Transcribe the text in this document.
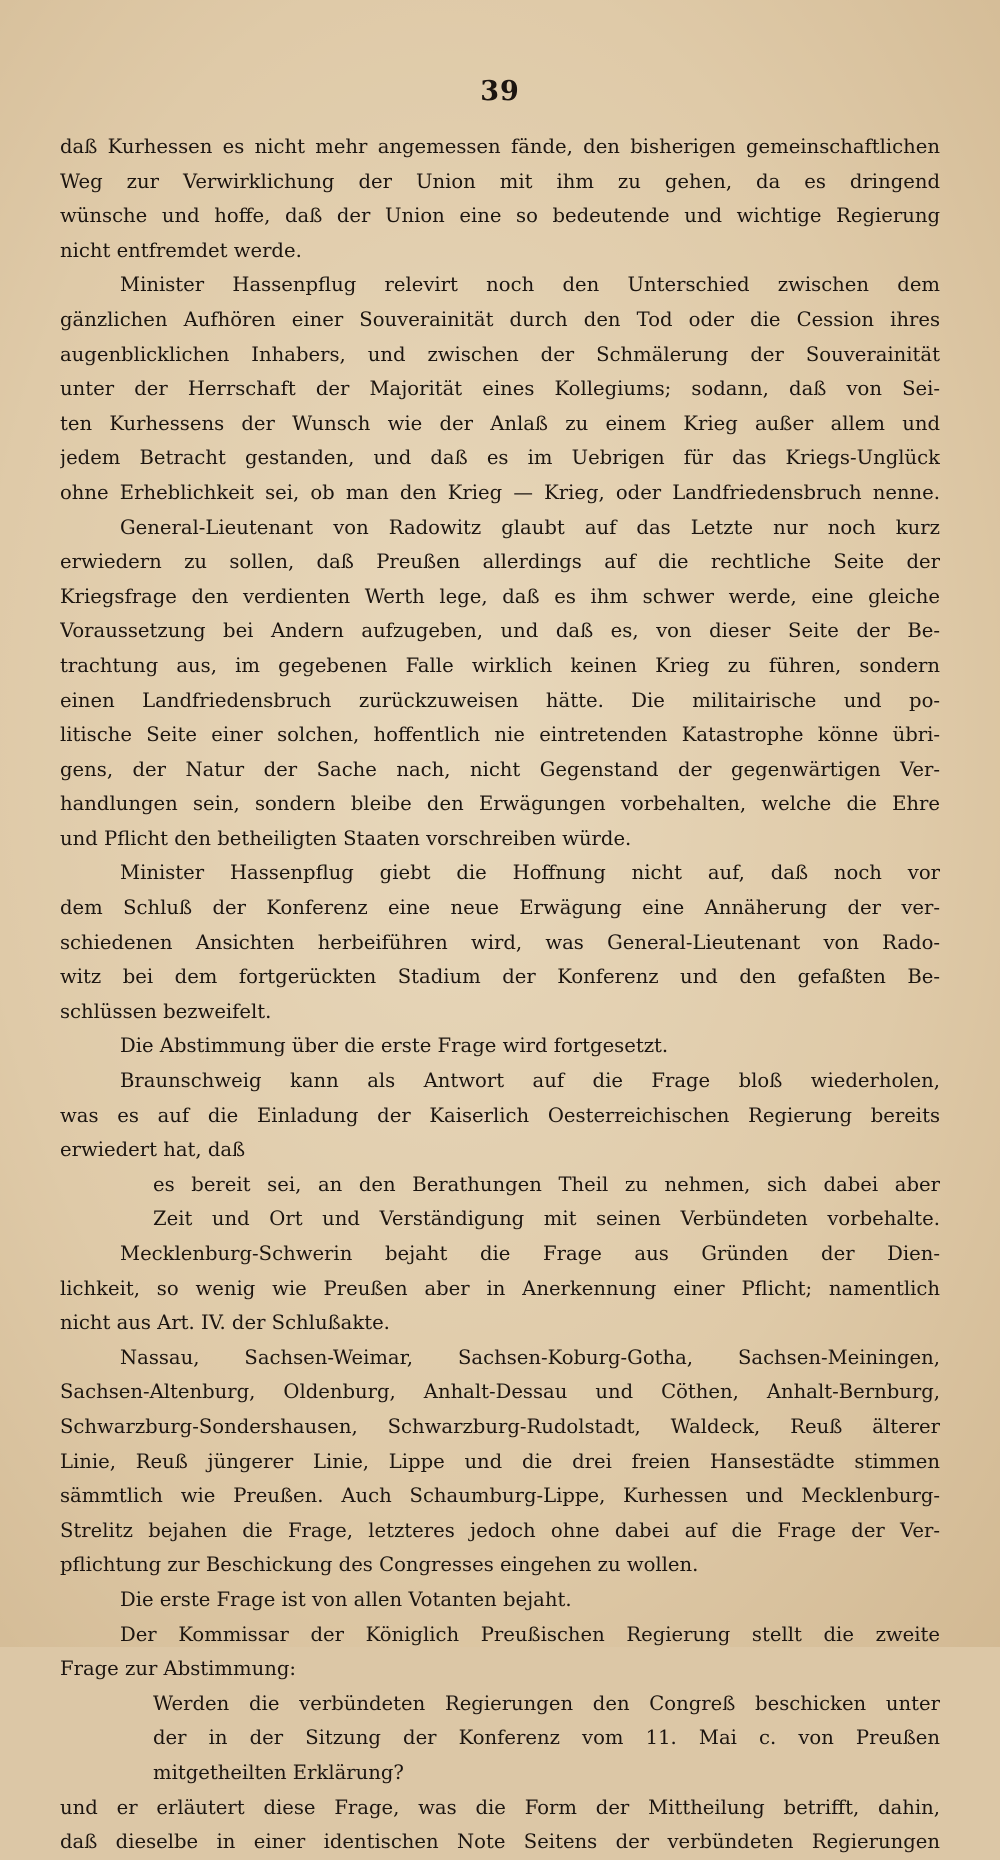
39
daß Kurhessen es nicht mehr angemessen fände, den bisherigen gemeinschaftlichen
Weg zur Verwirklichung der Union mit ihm zu gehen, da es dringend
wünsche und hoffe, daß der Union eine so bedeutende und wichtige Regierung
nicht entfremdet werde.
Minister Hassenpflug relevirt noch den Unterschied zwischen dem
gänzlichen Aufhören einer Souverainität durch den Tod oder die Cession ihres
augenblicklichen Inhabers, und zwischen der Schmälerung der Souverainität
unter der Herrschaft der Majorität eines Kollegiums; sodann, daß von Sei-
ten Kurhessens der Wunsch wie der Anlaß zu einem Krieg außer allem und
jedem Betracht gestanden, und daß es im Uebrigen für das Kriegs-Unglück
ohne Erheblichkeit sei, ob man den Krieg — Krieg, oder Landfriedensbruch nenne.
General-Lieutenant von Radowitz glaubt auf das Letzte nur noch kurz
erwiedern zu sollen, daß Preußen allerdings auf die rechtliche Seite der
Kriegsfrage den verdienten Werth lege, daß es ihm schwer werde, eine gleiche
Voraussetzung bei Andern aufzugeben, und daß es, von dieser Seite der Be-
trachtung aus, im gegebenen Falle wirklich keinen Krieg zu führen, sondern
einen Landfriedensbruch zurückzuweisen hätte. Die militairische und po-
litische Seite einer solchen, hoffentlich nie eintretenden Katastrophe könne übri-
gens, der Natur der Sache nach, nicht Gegenstand der gegenwärtigen Ver-
handlungen sein, sondern bleibe den Erwägungen vorbehalten, welche die Ehre
und Pflicht den betheiligten Staaten vorschreiben würde.
Minister Hassenpflug giebt die Hoffnung nicht auf, daß noch vor
dem Schluß der Konferenz eine neue Erwägung eine Annäherung der ver-
schiedenen Ansichten herbeiführen wird, was General-Lieutenant von Rado-
witz bei dem fortgerückten Stadium der Konferenz und den gefaßten Be-
schlüssen bezweifelt.
Die Abstimmung über die erste Frage wird fortgesetzt.
Braunschweig kann als Antwort auf die Frage bloß wiederholen,
was es auf die Einladung der Kaiserlich Oesterreichischen Regierung bereits
erwiedert hat, daß
es bereit sei, an den Berathungen Theil zu nehmen, sich dabei aber
Zeit und Ort und Verständigung mit seinen Verbündeten vorbehalte.
Mecklenburg-Schwerin bejaht die Frage aus Gründen der Dien-
lichkeit, so wenig wie Preußen aber in Anerkennung einer Pflicht; namentlich
nicht aus Art. IV. der Schlußakte.
Nassau, Sachsen-Weimar, Sachsen-Koburg-Gotha, Sachsen-Meiningen,
Sachsen-Altenburg, Oldenburg, Anhalt-Dessau und Cöthen, Anhalt-Bernburg,
Schwarzburg-Sondershausen, Schwarzburg-Rudolstadt, Waldeck, Reuß älterer
Linie, Reuß jüngerer Linie, Lippe und die drei freien Hansestädte stimmen
sämmtlich wie Preußen. Auch Schaumburg-Lippe, Kurhessen und Mecklenburg-
Strelitz bejahen die Frage, letzteres jedoch ohne dabei auf die Frage der Ver-
pflichtung zur Beschickung des Congresses eingehen zu wollen.
Die erste Frage ist von allen Votanten bejaht.
Der Kommissar der Königlich Preußischen Regierung stellt die zweite
Frage zur Abstimmung:
Werden die verbündeten Regierungen den Congreß beschicken unter
der in der Sitzung der Konferenz vom 11. Mai c. von Preußen
mitgetheilten Erklärung?
und er erläutert diese Frage, was die Form der Mittheilung betrifft, dahin,
daß dieselbe in einer identischen Note Seitens der verbündeten Regierungen
